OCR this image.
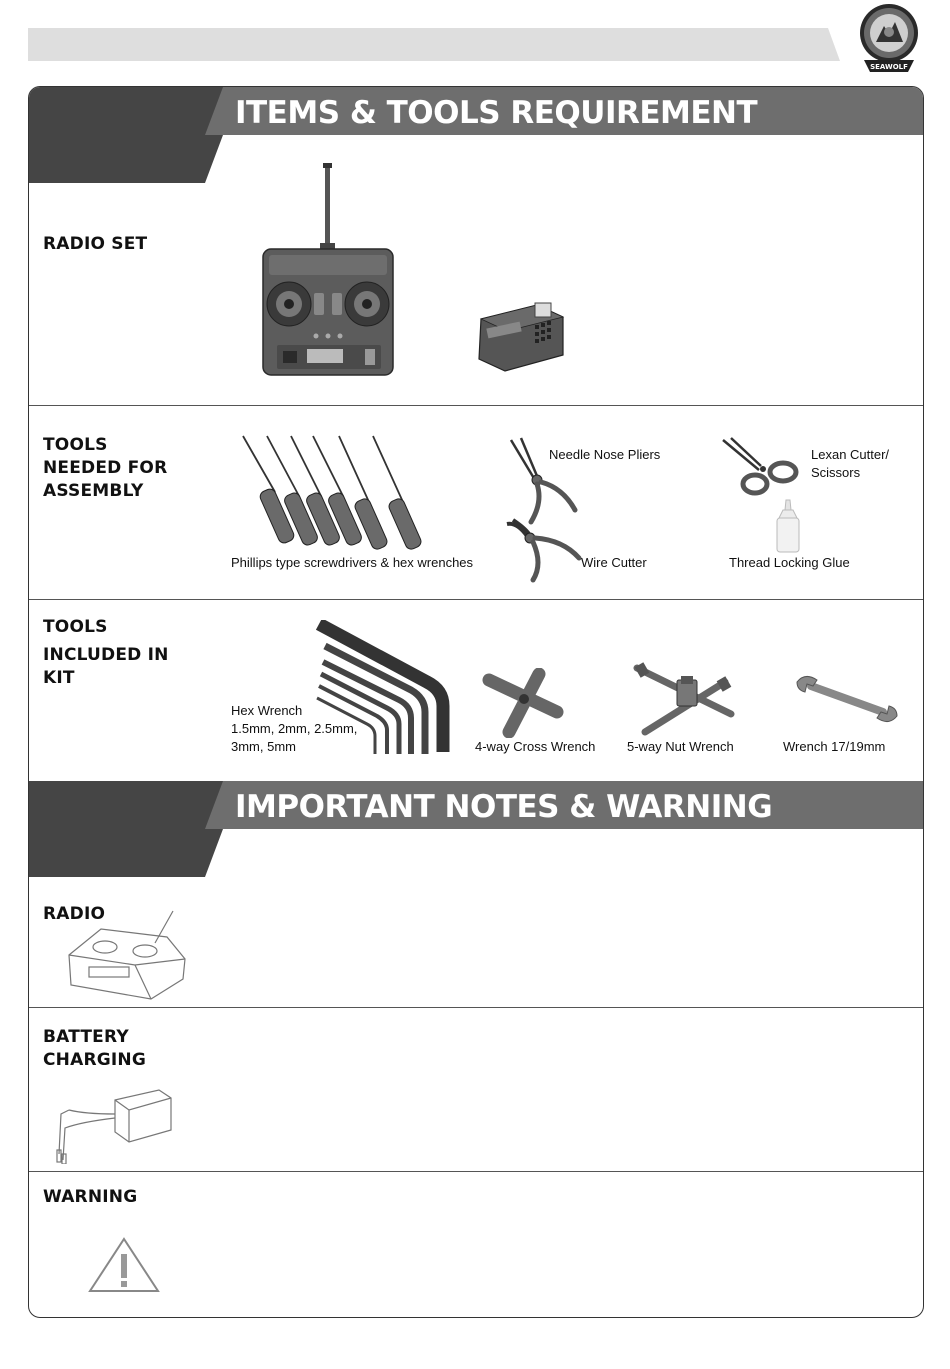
SEAWOLF
ITEMS & TOOLS REQUIREMENT
RADIO SET
TOOLS
NEEDED FOR
ASSEMBLY
Phillips type screwdrivers & hex wrenches
Needle Nose Pliers
Wire Cutter
Lexan Cutter/
Scissors
Thread Locking Glue
TOOLS
INCLUDED IN
KIT
Hex Wrench
1.5mm, 2mm, 2.5mm,
3mm, 5mm	4-way Cross Wrench 5-way Nut Wrench	Wrench 17/19mm
IMPORTANT NOTES & WARNING
RADIO
BATTERY
CHARGING
WARNING
